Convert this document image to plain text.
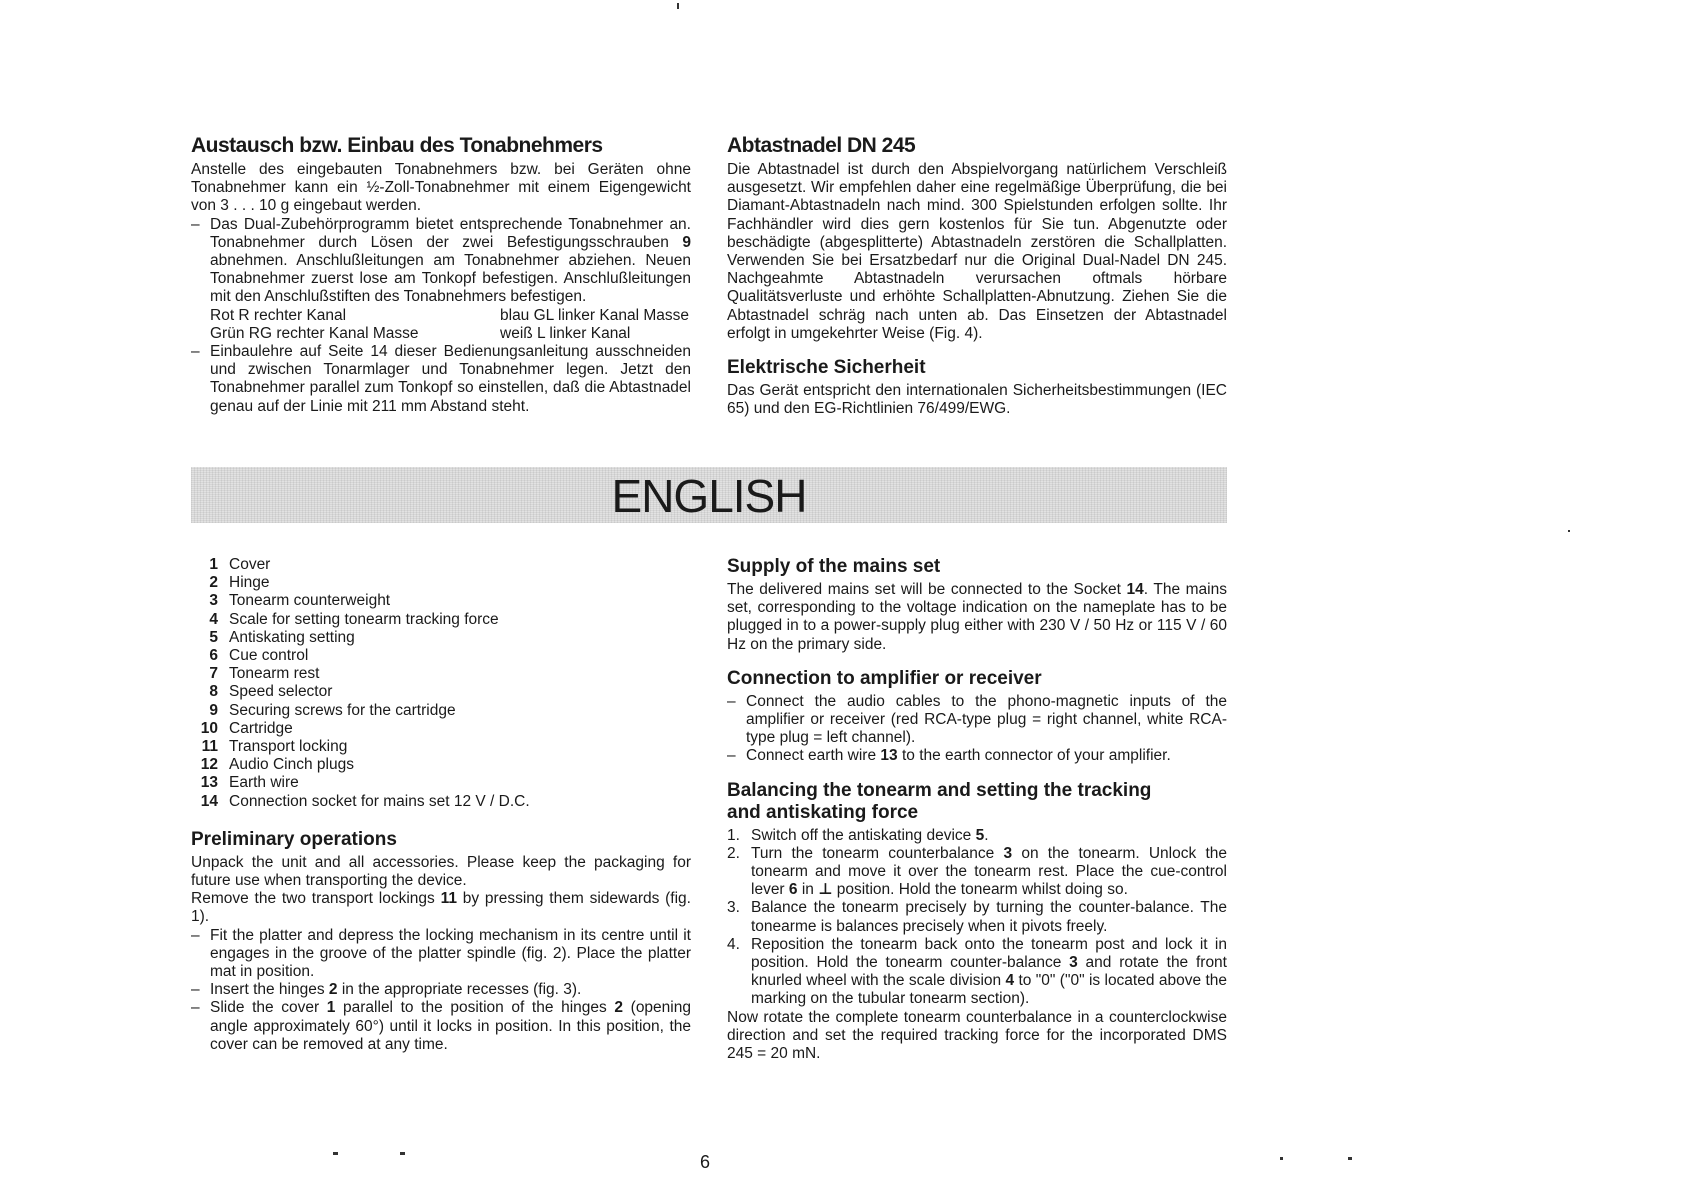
Austausch bzw. Einbau des Tonabnehmers

Anstelle des eingebauten Tonabnehmers bzw. bei Geräten ohne Tonabnehmer kann ein ½-Zoll-Tonabnehmer mit einem Eigengewicht von 3 . . . 10 g eingebaut werden.

– Das Dual-Zubehörprogramm bietet entsprechende Tonabnehmer an. Tonabnehmer durch Lösen der zwei Befestigungsschrauben 9 abnehmen. Anschlußleitungen am Tonabnehmer abziehen. Neuen Tonabnehmer zuerst lose am Tonkopf befestigen. Anschlußleitungen mit den Anschlußstiften des Tonabnehmers befestigen.
Rot R rechter Kanal	blau GL linker Kanal Masse
Grün RG rechter Kanal Masse	weiß L linker Kanal
– Einbaulehre auf Seite 14 dieser Bedienungsanleitung ausschneiden und zwischen Tonarmlager und Tonabnehmer legen. Jetzt den Tonabnehmer parallel zum Tonkopf so einstellen, daß die Abtastnadel genau auf der Linie mit 211 mm Abstand steht.
Abtastnadel DN 245

Die Abtastnadel ist durch den Abspielvorgang natürlichem Verschleiß ausgesetzt. Wir empfehlen daher eine regelmäßige Überprüfung, die bei Diamant-Abtastnadeln nach mind. 300 Spielstunden erfolgen sollte. Ihr Fachhändler wird dies gern kostenlos für Sie tun. Abgenutzte oder beschädigte (abgesplitterte) Abtastnadeln zerstören die Schallplatten. Verwenden Sie bei Ersatzbedarf nur die Original Dual-Nadel DN 245. Nachgeahmte Abtastnadeln verursachen oftmals hörbare Qualitätsverluste und erhöhte Schallplatten-Abnutzung. Ziehen Sie die Abtastnadel schräg nach unten ab. Das Einsetzen der Abtastnadel erfolgt in umgekehrter Weise (Fig. 4).

Elektrische Sicherheit

Das Gerät entspricht den internationalen Sicherheitsbestimmungen (IEC 65) und den EG-Richtlinien 76/499/EWG.

ENGLISH
1 Cover
2 Hinge
3 Tonearm counterweight
4 Scale for setting tonearm tracking force
5 Antiskating setting
6 Cue control
7 Tonearm rest
8 Speed selector
9 Securing screws for the cartridge
10 Cartridge
11 Transport locking
12 Audio Cinch plugs
13 Earth wire
14 Connection socket for mains set 12 V / D.C.
Preliminary operations

Unpack the unit and all accessories. Please keep the packaging for future use when transporting the device.

Remove the two transport lockings 11 by pressing them sidewards (fig. 1).

– Fit the platter and depress the locking mechanism in its centre until it engages in the groove of the platter spindle (fig. 2). Place the platter mat in position.
– Insert the hinges 2 in the appropriate recesses (fig. 3).
– Slide the cover 1 parallel to the position of the hinges 2 (opening angle approximately 60°) until it locks in position. In this position, the cover can be removed at any time.
Supply of the mains set

The delivered mains set will be connected to the Socket 14. The mains set, corresponding to the voltage indication on the nameplate has to be plugged in to a power-supply plug either with 230 V / 50 Hz or 115 V / 60 Hz on the primary side.

Connection to amplifier or receiver
– Connect the audio cables to the phono-magnetic inputs of the amplifier or receiver (red RCA-type plug = right channel, white RCA-type plug = left channel).
– Connect earth wire 13 to the earth connector of your amplifier.
Balancing the tonearm and setting the tracking
and antiskating force
1. Switch off the antiskating device 5.
2. Turn the tonearm counterbalance 3 on the tonearm. Unlock the tonearm and move it over the tonearm rest. Place the cue-control lever 6 in ⊥ position. Hold the tonearm whilst doing so.
3. Balance the tonearm precisely by turning the counter-balance. The tonearme is balances precisely when it pivots freely.
4. Reposition the tonearm back onto the tonearm post and lock it in position. Hold the tonearm counter-balance 3 and rotate the front knurled wheel with the scale division 4 to "0" ("0" is located above the marking on the tubular tonearm section).

Now rotate the complete tonearm counterbalance in a counterclockwise direction and set the required tracking force for the incorporated DMS 245 = 20 mN.

6
